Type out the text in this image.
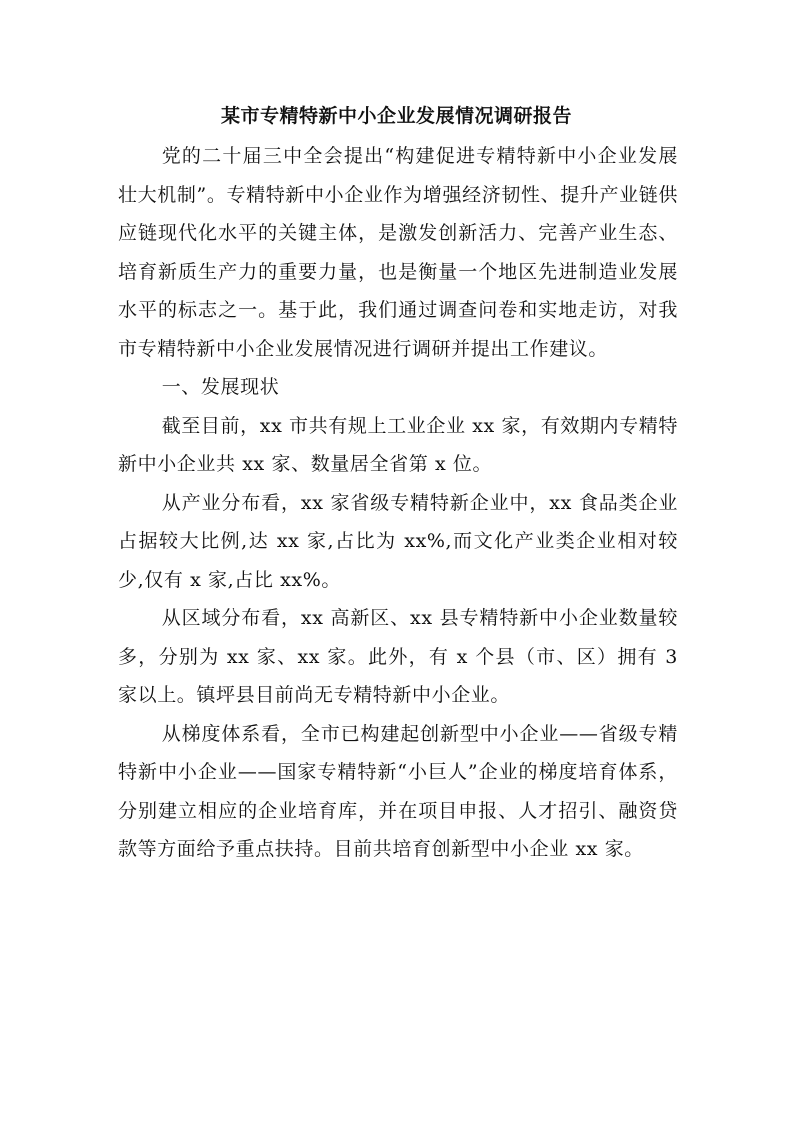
某市专精特新中小企业发展情况调研报告

党的二十届三中全会提出“构建促进专精特新中小企业发展壮大机制”。专精特新中小企业作为增强经济韧性、提升产业链供应链现代化水平的关键主体，是激发创新活力、完善产业生态、培育新质生产力的重要力量，也是衡量一个地区先进制造业发展水平的标志之一。基于此，我们通过调查问卷和实地走访，对我市专精特新中小企业发展情况进行调研并提出工作建议。

一、发展现状

截至目前，xx 市共有规上工业企业 xx 家，有效期内专精特新中小企业共 xx 家、数量居全省第 x 位。

从产业分布看，xx 家省级专精特新企业中，xx 食品类企业占据较大比例,达 xx 家,占比为 xx%,而文化产业类企业相对较少,仅有 x 家,占比 xx%。

从区域分布看，xx 高新区、xx 县专精特新中小企业数量较多，分别为 xx 家、xx 家。此外，有 x 个县（市、区）拥有 3 家以上。镇坪县目前尚无专精特新中小企业。

从梯度体系看，全市已构建起创新型中小企业——省级专精特新中小企业——国家专精特新“小巨人”企业的梯度培育体系，分别建立相应的企业培育库，并在项目申报、人才招引、融资贷款等方面给予重点扶持。目前共培育创新型中小企业 xx 家。
